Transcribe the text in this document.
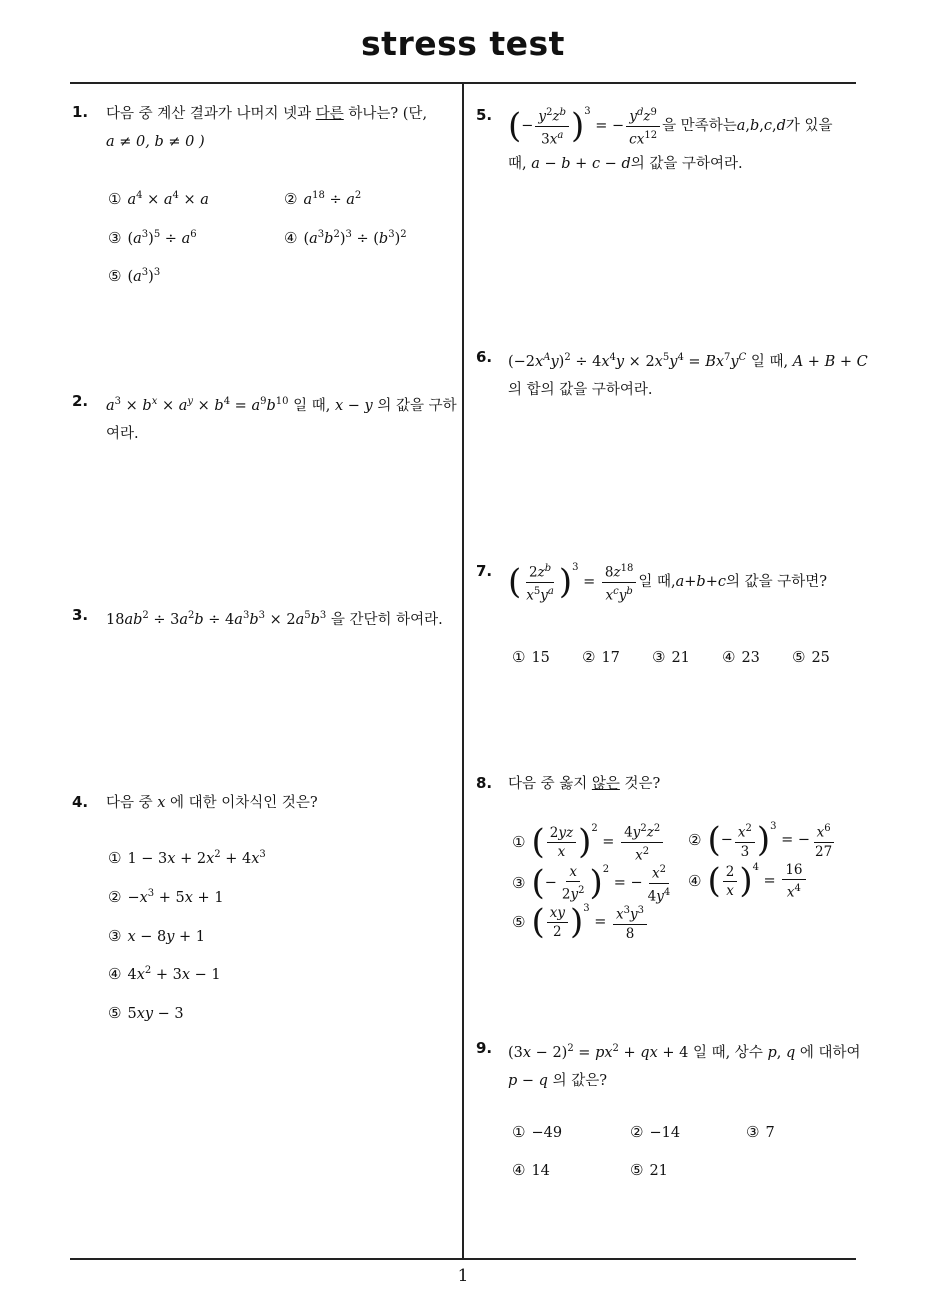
stress test
1
1. 다음 중 계산 결과가 나머지 넷과 다른 하나는? (단,
a ≠ 0, b ≠ 0 )
① $a^4 \times a^4 \times a$	② $a^{18} \div a^2$
③ $(a^3)^5 \div a^6$	④ $(a^3b^2)^3 \div (b^3)^2$
⑤ $(a^3)^3$
2. $a^3 \times b^x \times a^y \times b^4 = a^9b^{10}$ 일 때, x − y 의 값을 구하
여라.
3. $18ab^2 \div 3a^2b \div 4a^3b^3 \times 2a^5b^3$ 을 간단히 하여라.
4. 다음 중 x 에 대한 이차식인 것은?
① $1 - 3x + 2x^2 + 4x^3$
② $-x^3 + 5x + 1$
③ x − 8y + 1
④ $4x^2 + 3x - 1$
⑤ 5xy − 3
5. ( − $\frac{y^2z^b}{3x^a}$ ) 3
= − $\frac{y^dz^9}{cx^{12}}$ 을 만족하는 a , b , c , d 가 있을
때, a − b + c − d의 값을 구하여라.
6. $(-2x^Ay)^2 \div 4x^4y \times 2x^5y^4 = Bx^7y^C$ 일 때, A + B + C
의 합의 값을 구하여라.
7. ( $\frac{2z^b}{x^5y^a}$ ) 3
= $\frac{8z^{18}}{x^cy^b}$ 일 때, a + b + c 의 값을 구하면?
① 15 ② 17 ③ 21 ④ 23 ⑤ 25
8. 다음 중 옳지 않은 것은?
① ( $\frac{2yz}{x}$ ) 2
= $\frac{4y^2z^2}{x^2}$ ② ( − $\frac{x^2}{3}$ ) 3
= − $\frac{x^6}{27}$
③ ( − $\frac{x}{2y^2}$ ) 2
= − $\frac{x^2}{4y^4}$ ④ ( $\frac{2}{x}$ ) 4
= $\frac{16}{x^4}$
⑤ ( $\frac{xy}{2}$ ) 3
= $\frac{x^3y^3}{8}$
9. $(3x - 2)^2 = px^2$ + qx + 4 일 때, 상수 p, q 에 대하여
p − q 의 값은?
① −49	② −14	③ 7
④ 14	⑤ 21
